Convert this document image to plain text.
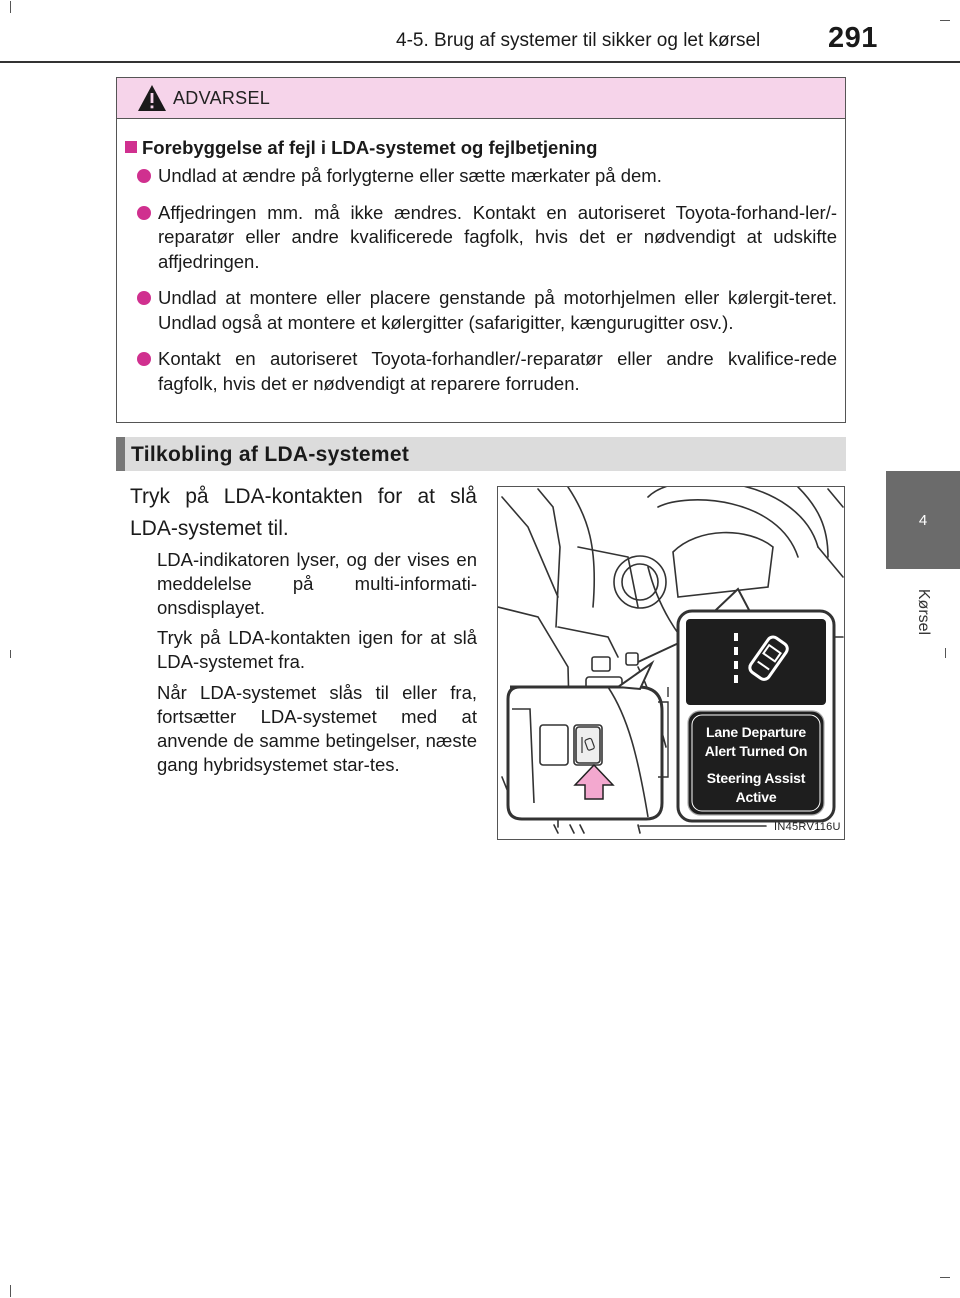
4-5. Brug af systemer til sikker og let kørsel 291
4
Kørsel
ADVARSEL
Forebyggelse af fejl i LDA-systemet og fejlbetjening
Undlad at ændre på forlygterne eller sætte mærkater på dem.
Affjedringen mm. må ikke ændres. Kontakt en autoriseret Toyota-forhand-ler/-reparatør eller andre kvalificerede fagfolk, hvis det er nødvendigt at udskifte affjedringen.
Undlad at montere eller placere genstande på motorhjelmen eller kølergit-teret. Undlad også at montere et kølergitter (safarigitter, kængurugitter osv.).
Kontakt en autoriseret Toyota-forhandler/-reparatør eller andre kvalifice-rede fagfolk, hvis det er nødvendigt at reparere forruden.
Tilkobling af LDA-systemet
Tryk på LDA-kontakten for at slå LDA-systemet til.
LDA-indikatoren lyser, og der vises en meddelelse på multi-informati-onsdisplayet.
Tryk på LDA-kontakten igen for at slå LDA-systemet fra.
Når LDA-systemet slås til eller fra, fortsætter LDA-systemet med at anvende de samme betingelser, næste gang hybridsystemet star-tes.
Lane Departure
Alert Turned On
Steering Assist
Active
IN45RV116U
